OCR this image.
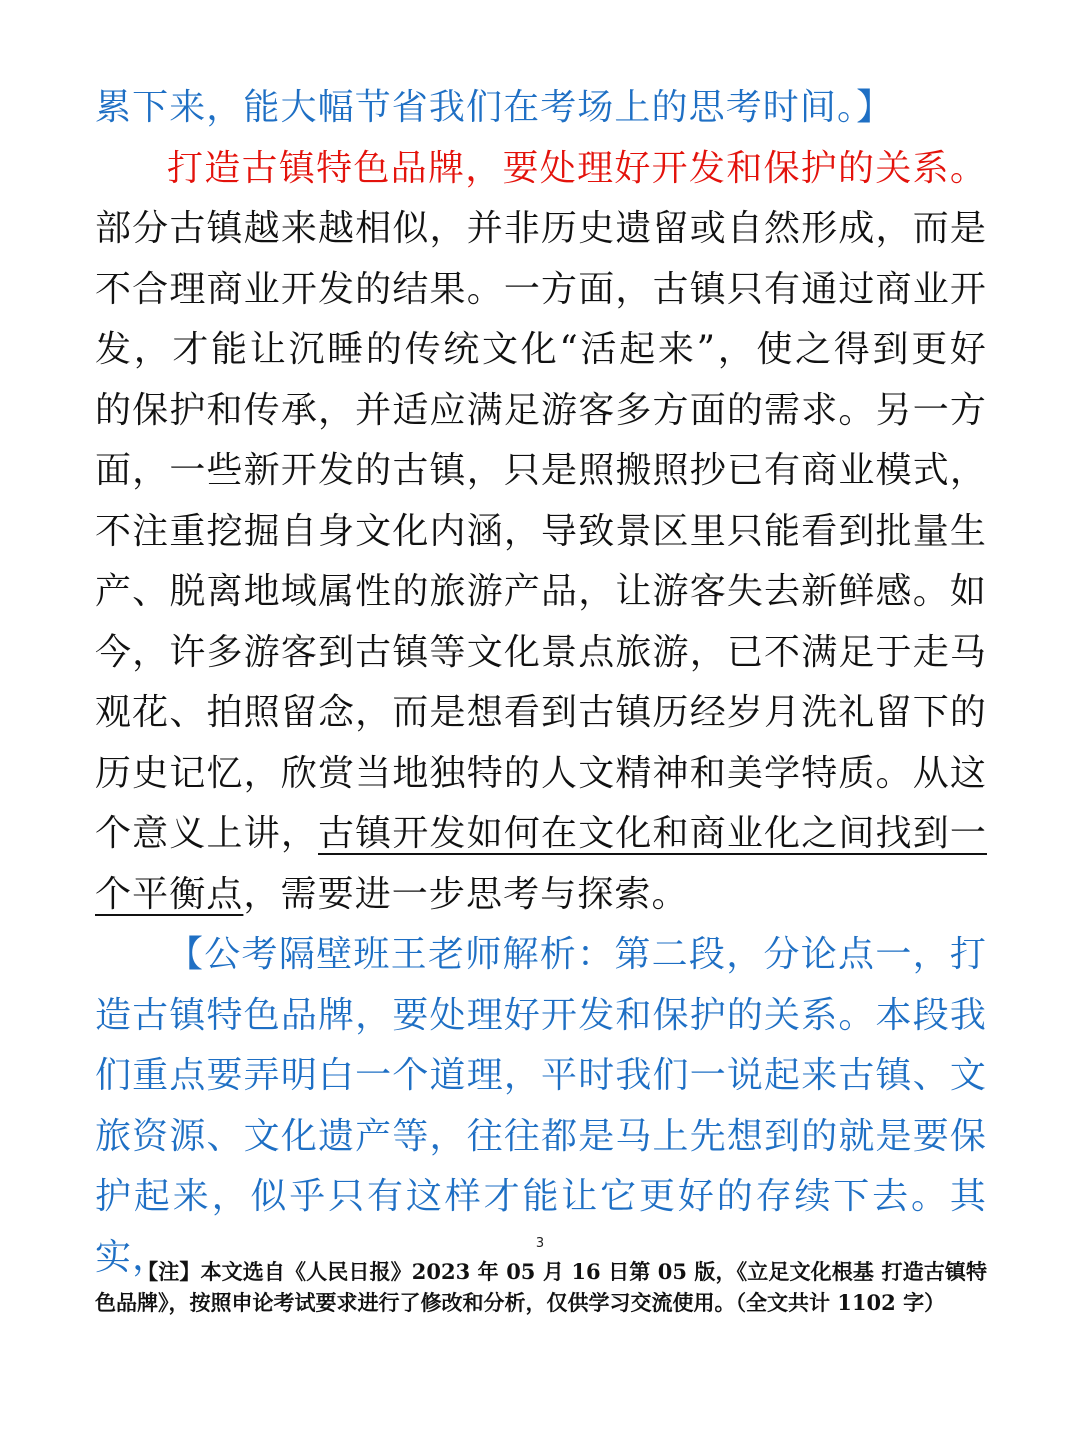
累下来，能大幅节省我们在考场上的思考时间。】

打造古镇特色品牌，要处理好开发和保护的关系。部分古镇越来越相似，并非历史遗留或自然形成，而是不合理商业开发的结果。一方面，古镇只有通过商业开发，才能让沉睡的传统文化“活起来”，使之得到更好的保护和传承，并适应满足游客多方面的需求。另一方面，一些新开发的古镇，只是照搬照抄已有商业模式，不注重挖掘自身文化内涵，导致景区里只能看到批量生产、脱离地域属性的旅游产品，让游客失去新鲜感。如今，许多游客到古镇等文化景点旅游，已不满足于走马观花、拍照留念，而是想看到古镇历经岁月洗礼留下的历史记忆，欣赏当地独特的人文精神和美学特质。从这个意义上讲，古镇开发如何在文化和商业化之间找到一个平衡点，需要进一步思考与探索。

【公考隔壁班王老师解析：第二段，分论点一，打造古镇特色品牌，要处理好开发和保护的关系。本段我们重点要弄明白一个道理，平时我们一说起来古镇、文旅资源、文化遗产等，往往都是马上先想到的就是要保护起来，似乎只有这样才能让它更好的存续下去。其实，	3
【注】本文选自《人民日报》2023 年 05 月 16 日第 05 版，《立足文化根基 打造古镇特色品牌》，按照申论考试要求进行了修改和分析，仅供学习交流使用。（全文共计 1102 字）
